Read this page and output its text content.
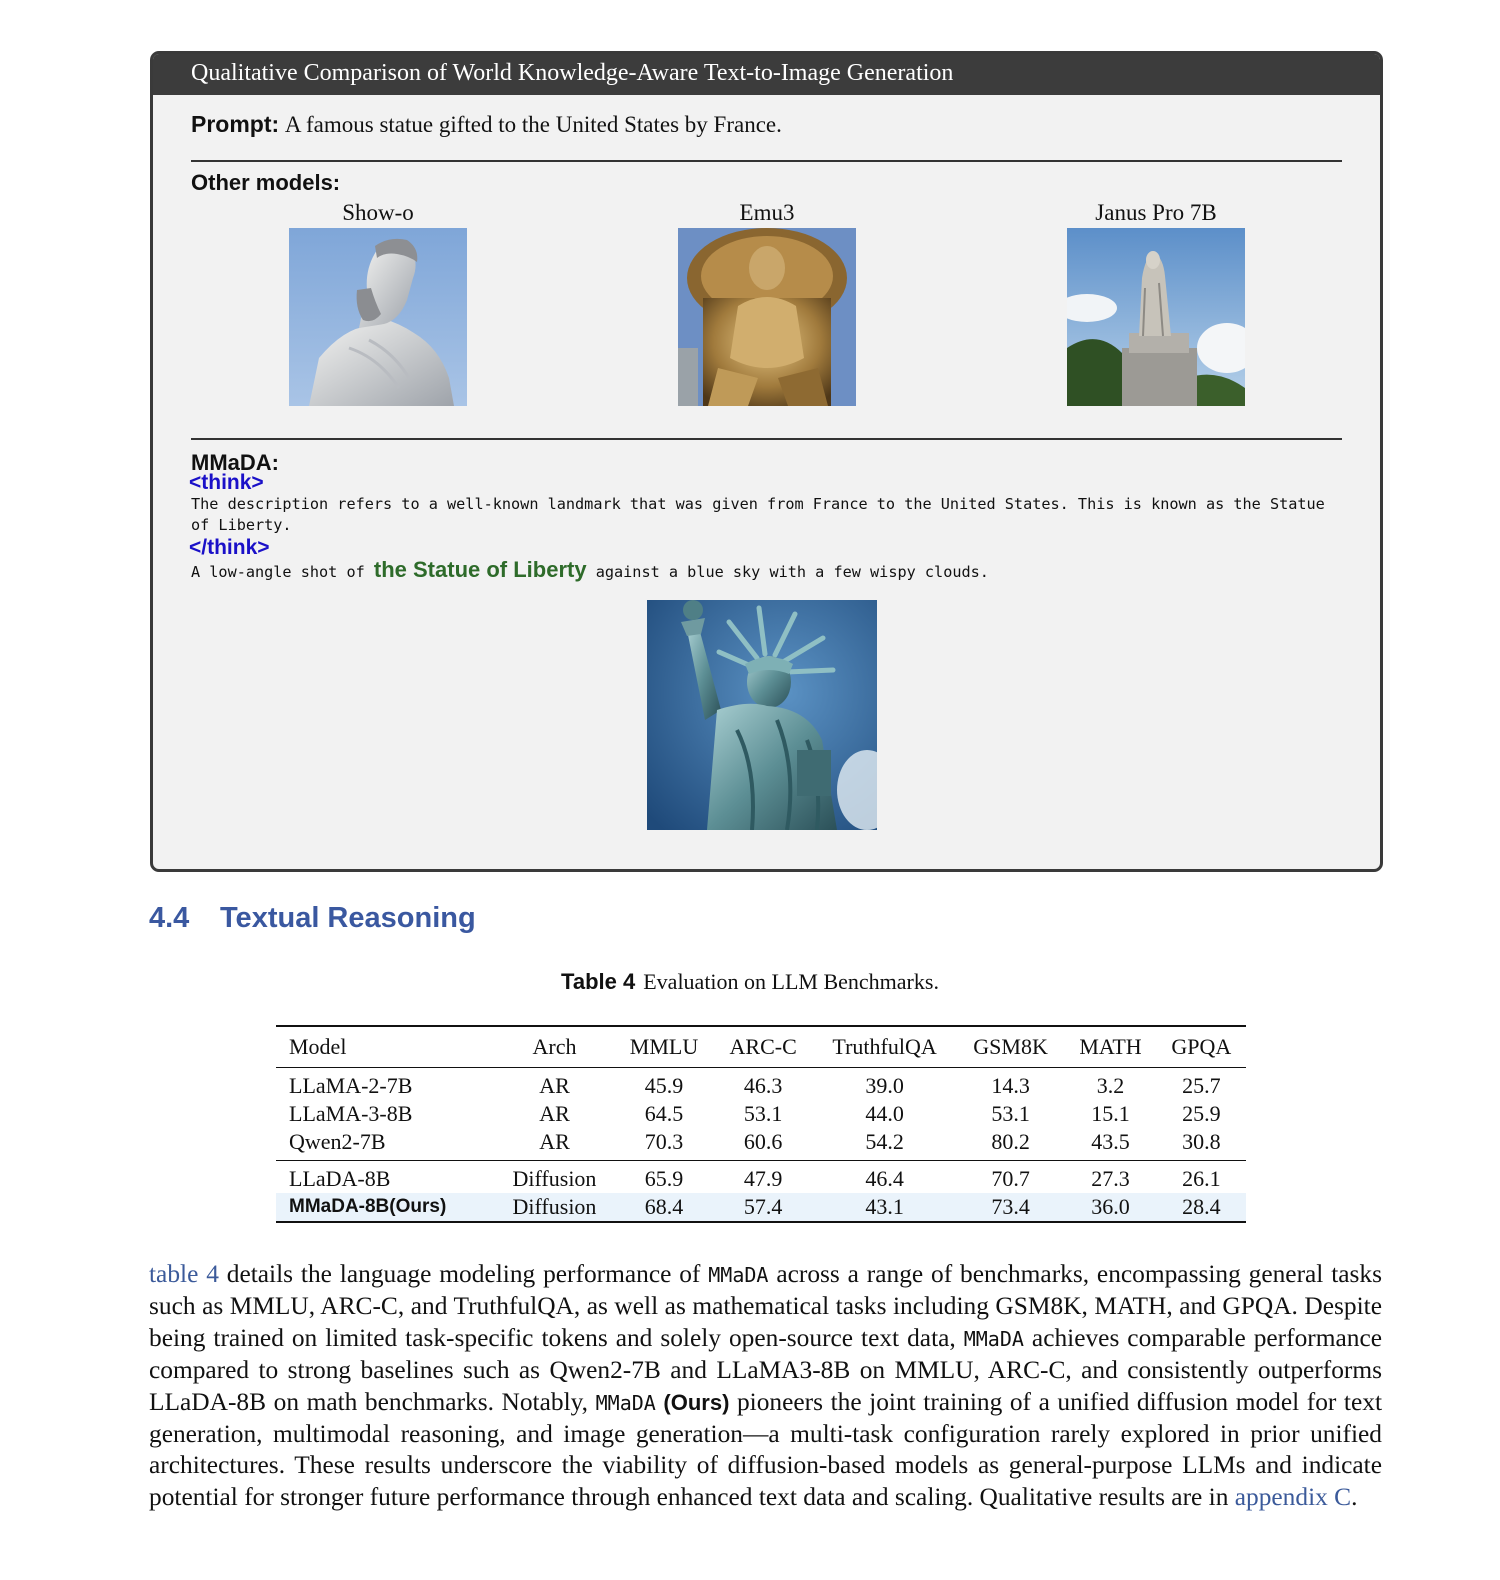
Qualitative Comparison of World Knowledge-Aware Text-to-Image Generation
Prompt: A famous statue gifted to the United States by France.
Other models:
Show-o	Emu3	Janus Pro 7B
MMaDA:
<think>
The description refers to a well-known landmark that was given from France to the United States. This is known as the Statue of Liberty.
</think>
A low-angle shot of the Statue of Liberty against a blue sky with a few wispy clouds.
4.4 Textual Reasoning
Table 4 Evaluation on LLM Benchmarks.
Model	Arch	MMLU	ARC-C	TruthfulQA	GSM8K	MATH	GPQA
LLaMA-2-7B	AR	45.9	46.3	39.0	14.3	3.2	25.7
LLaMA-3-8B	AR	64.5	53.1	44.0	53.1	15.1	25.9
Qwen2-7B	AR	70.3	60.6	54.2	80.2	43.5	30.8
LLaDA-8B	Diffusion	65.9	47.9	46.4	70.7	27.3	26.1
MMaDA-8B(Ours)	Diffusion	68.4	57.4	43.1	73.4	36.0	28.4
table 4 details the language modeling performance of MMaDA across a range of benchmarks, encompassing general tasks such as MMLU, ARC-C, and TruthfulQA, as well as mathematical tasks including GSM8K, MATH, and GPQA. Despite being trained on limited task-specific tokens and solely open-source text data, MMaDA achieves comparable performance compared to strong baselines such as Qwen2-7B and LLaMA3-8B on MMLU, ARC-C, and consistently outperforms LLaDA-8B on math benchmarks. Notably, MMaDA (Ours) pioneers the joint training of a unified diffusion model for text generation, multimodal reasoning, and image generation—a multi-task configuration rarely explored in prior unified architectures. These results underscore the viability of diffusion-based models as general-purpose LLMs and indicate potential for stronger future performance through enhanced text data and scaling. Qualitative results are in appendix C.
